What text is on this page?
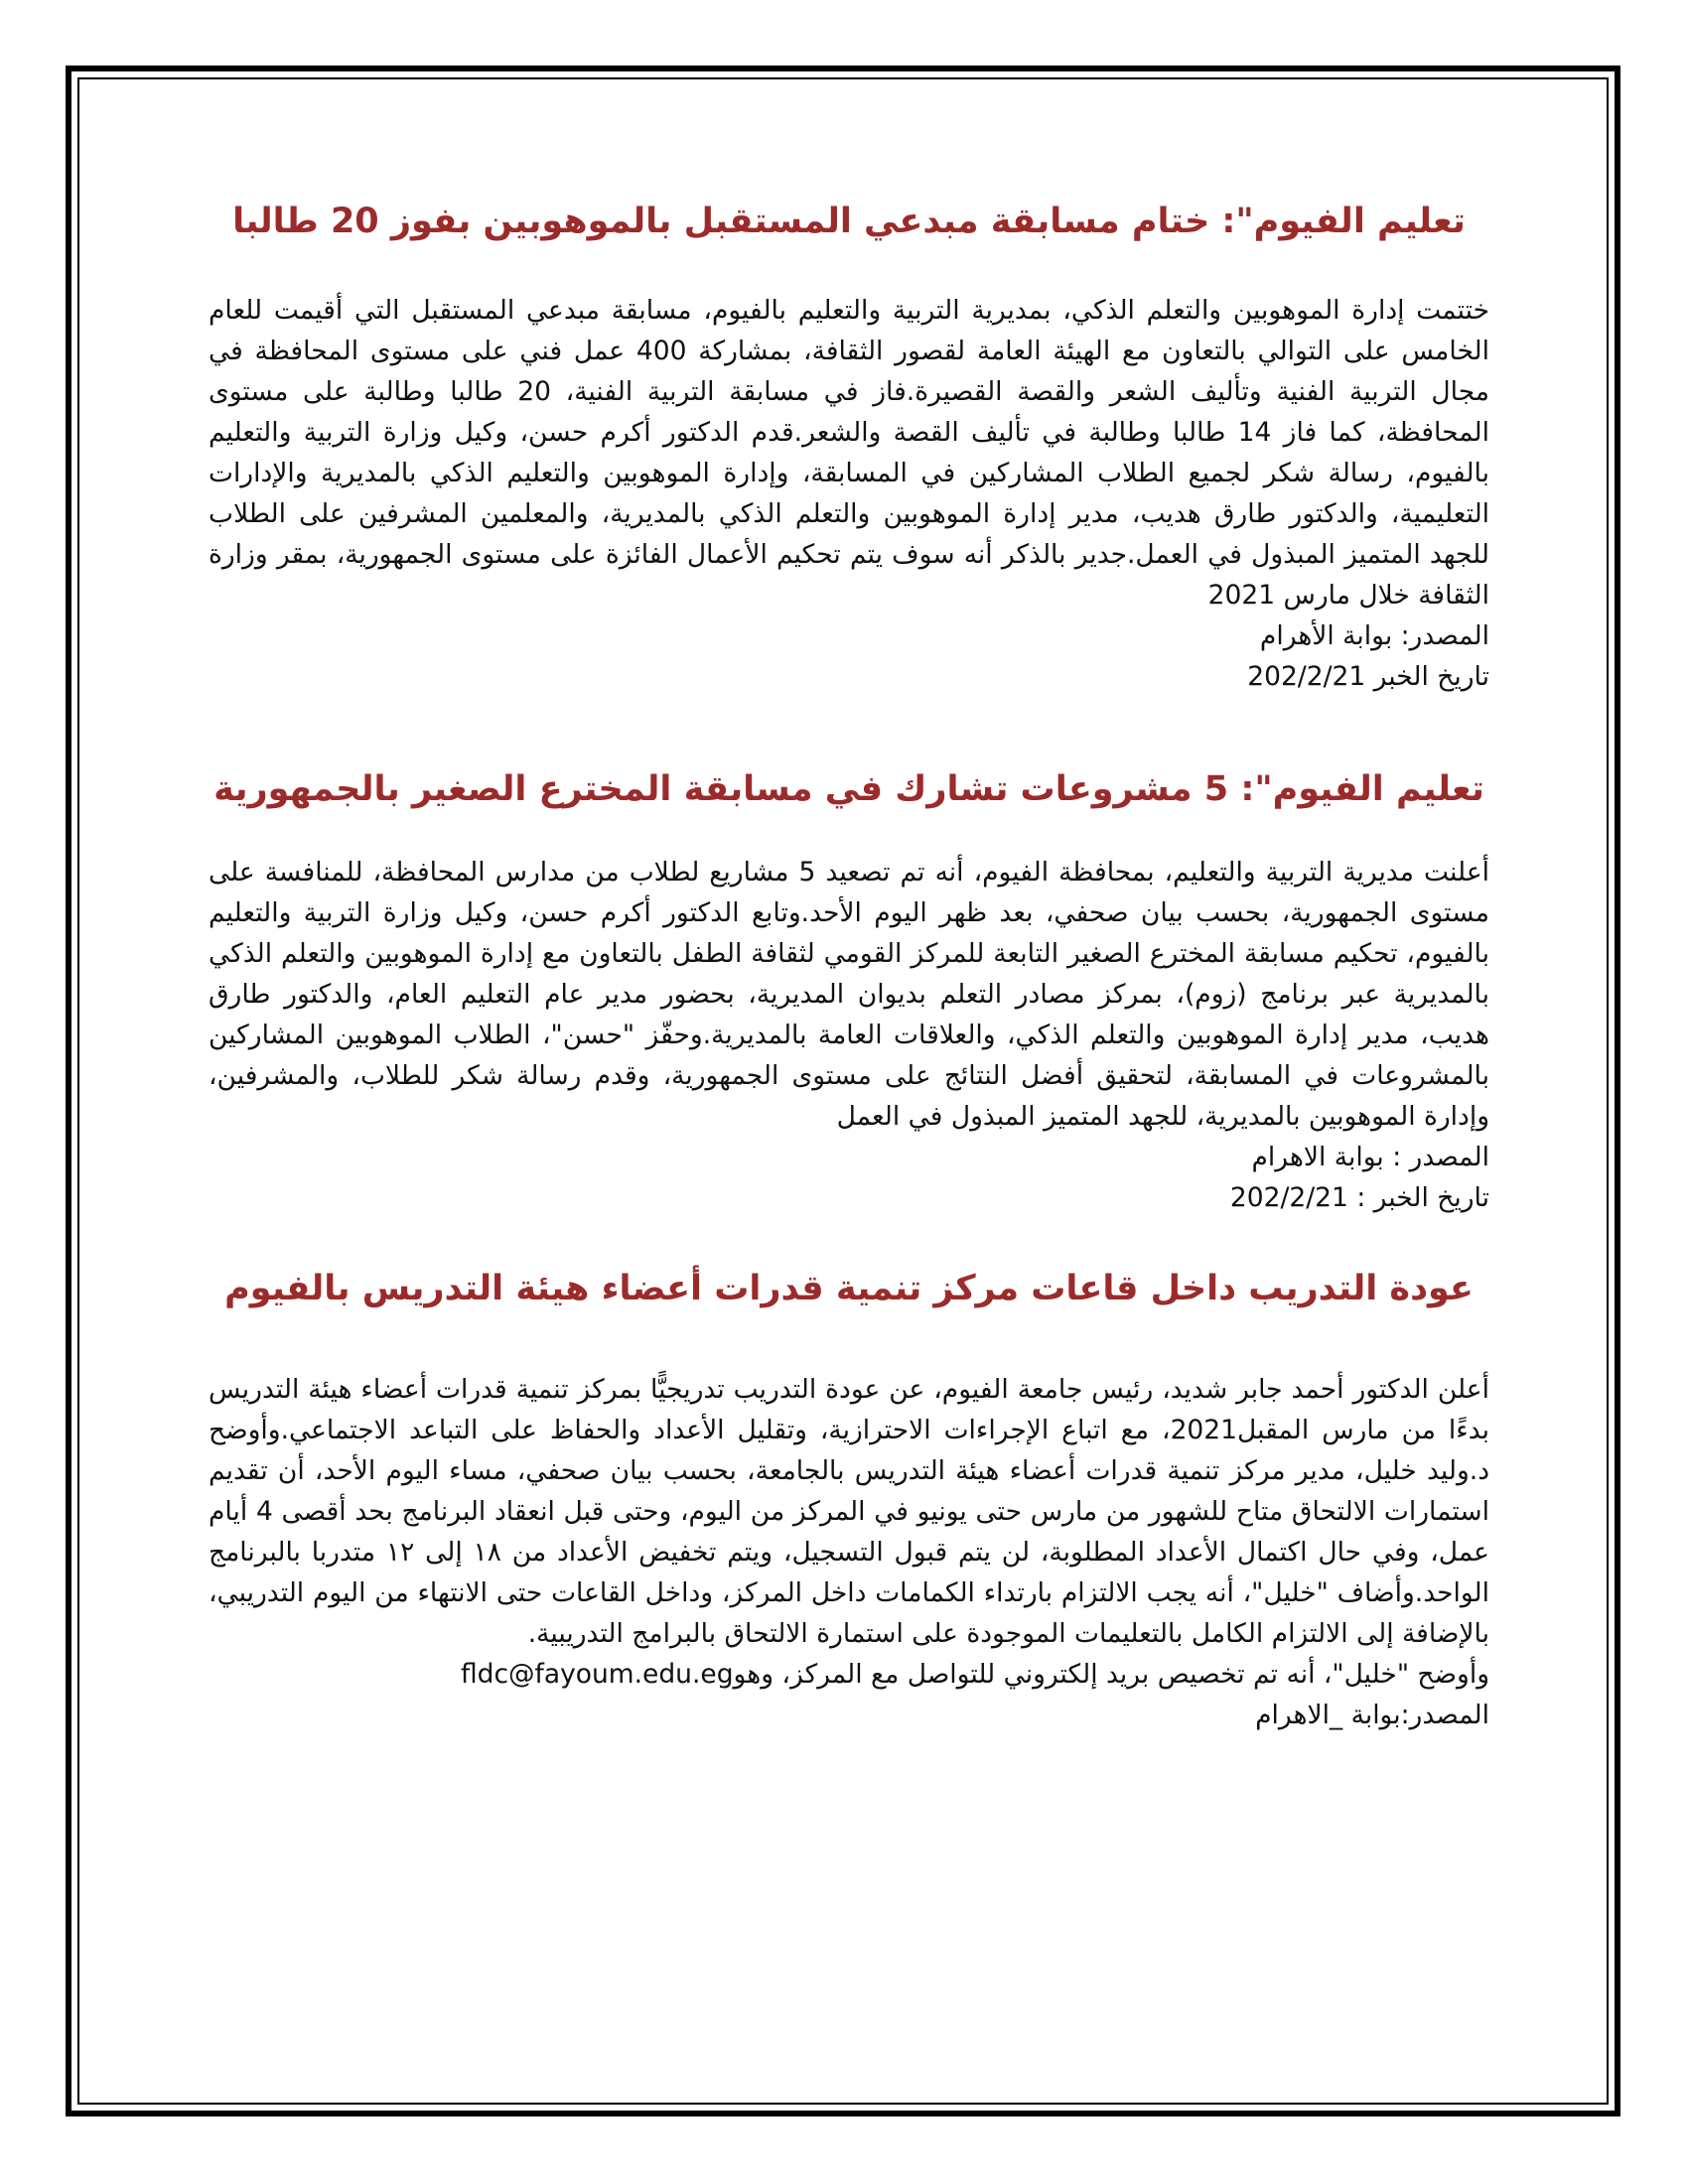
تعليم الفيوم": ختام مسابقة مبدعي المستقبل بالموهوبين بفوز 20 طالبا

ختتمت إدارة الموهوبين والتعلم الذكي، بمديرية التربية والتعليم بالفيوم، مسابقة مبدعي المستقبل التي أقيمت للعام الخامس على التوالي بالتعاون مع الهيئة العامة لقصور الثقافة، بمشاركة 400 عمل فني على مستوى المحافظة في مجال التربية الفنية وتأليف الشعر والقصة القصيرة.فاز في مسابقة التربية الفنية، 20 طالبا وطالبة على مستوى المحافظة، كما فاز 14 طالبا وطالبة في تأليف القصة والشعر.قدم الدكتور أكرم حسن، وكيل وزارة التربية والتعليم بالفيوم، رسالة شكر لجميع الطلاب المشاركين في المسابقة، وإدارة الموهوبين والتعليم الذكي بالمديرية والإدارات التعليمية، والدكتور طارق هديب، مدير إدارة الموهوبين والتعلم الذكي بالمديرية، والمعلمين المشرفين على الطلاب للجهد المتميز المبذول في العمل.جدير بالذكر أنه سوف يتم تحكيم الأعمال الفائزة على مستوى الجمهورية، بمقر وزارة الثقافة خلال مارس 2021

المصدر: بوابة الأهرام

تاريخ الخبر 202/2/21

تعليم الفيوم": 5 مشروعات تشارك في مسابقة المخترع الصغير بالجمهورية

أعلنت مديرية التربية والتعليم، بمحافظة الفيوم، أنه تم تصعيد 5 مشاريع لطلاب من مدارس المحافظة، للمنافسة على مستوى الجمهورية، بحسب بيان صحفي، بعد ظهر اليوم الأحد.وتابع الدكتور أكرم حسن، وكيل وزارة التربية والتعليم بالفيوم، تحكيم مسابقة المخترع الصغير التابعة للمركز القومي لثقافة الطفل بالتعاون مع إدارة الموهوبين والتعلم الذكي بالمديرية عبر برنامج (زوم)، بمركز مصادر التعلم بديوان المديرية، بحضور مدير عام التعليم العام، والدكتور طارق هديب، مدير إدارة الموهوبين والتعلم الذكي، والعلاقات العامة بالمديرية.وحفّز "حسن"، الطلاب الموهوبين المشاركين بالمشروعات في المسابقة، لتحقيق أفضل النتائج على مستوى الجمهورية، وقدم رسالة شكر للطلاب، والمشرفين، وإدارة الموهوبين بالمديرية، للجهد المتميز المبذول في العمل

المصدر : بوابة الاهرام

تاريخ الخبر : 202/2/21

عودة التدريب داخل قاعات مركز تنمية قدرات أعضاء هيئة التدريس بالفيوم

أعلن الدكتور أحمد جابر شديد، رئيس جامعة الفيوم، عن عودة التدريب تدريجيًّا بمركز تنمية قدرات أعضاء هيئة التدريس بدءًا من مارس المقبل2021، مع اتباع الإجراءات الاحترازية، وتقليل الأعداد والحفاظ على التباعد الاجتماعي.وأوضح د.وليد خليل، مدير مركز تنمية قدرات أعضاء هيئة التدريس بالجامعة، بحسب بيان صحفي، مساء اليوم الأحد، أن تقديم استمارات الالتحاق متاح للشهور من مارس حتى يونيو في المركز من اليوم، وحتى قبل انعقاد البرنامج بحد أقصى 4 أيام عمل، وفي حال اكتمال الأعداد المطلوبة، لن يتم قبول التسجيل، ويتم تخفيض الأعداد من ١٨ إلى ١٢ متدربا بالبرنامج الواحد.وأضاف "خليل"، أنه يجب الالتزام بارتداء الكمامات داخل المركز، وداخل القاعات حتى الانتهاء من اليوم التدريبي، بالإضافة إلى الالتزام الكامل بالتعليمات الموجودة على استمارة الالتحاق بالبرامج التدريبية.

وأوضح "خليل"، أنه تم تخصيص بريد إلكتروني للتواصل مع المركز، وهوfldc@fayoum.edu.eg

المصدر:بوابة _الاهرام
